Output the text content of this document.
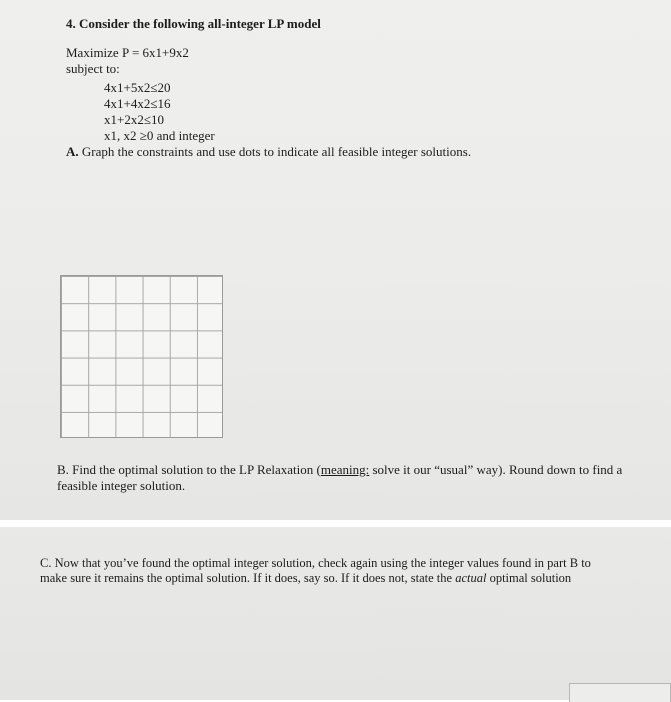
4. Consider the following all-integer LP model
Maximize P = 6x1+9x2
subject to:
4x1+5x2≤20
4x1+4x2≤16
x1+2x2≤10
x1, x2 ≥0 and integer
A. Graph the constraints and use dots to indicate all feasible integer solutions.
B. Find the optimal solution to the LP Relaxation (meaning: solve it our “usual” way). Round down to find a
feasible integer solution.
C. Now that you’ve found the optimal integer solution, check again using the integer values found in part B to
make sure it remains the optimal solution. If it does, say so. If it does not, state the actual optimal solution
